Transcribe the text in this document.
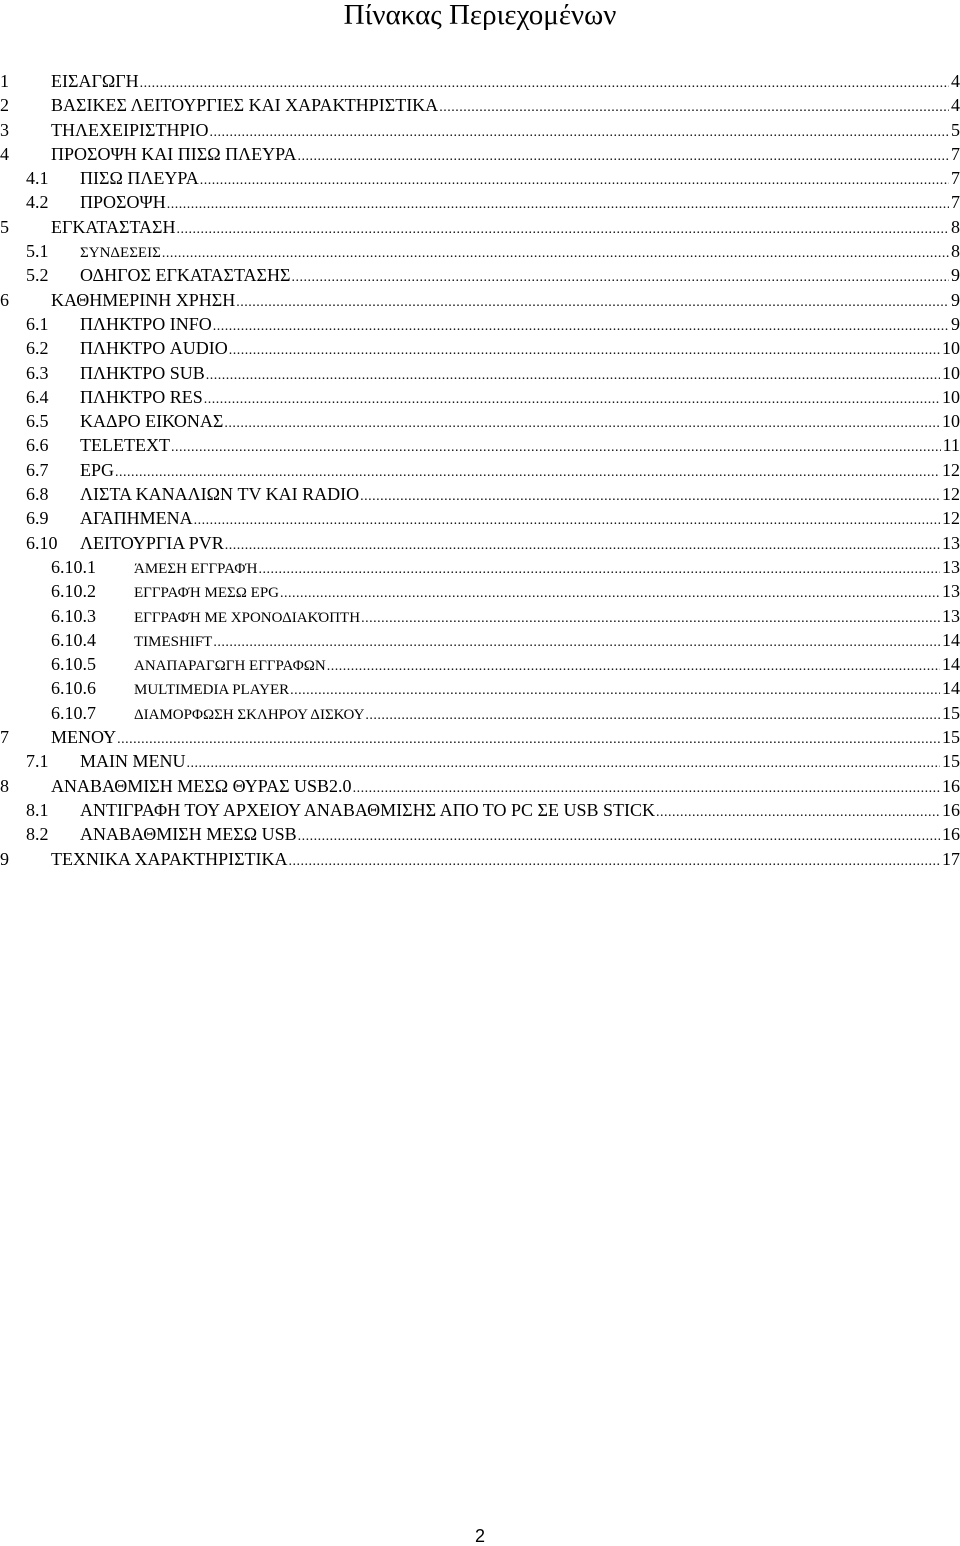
Πίνακας Περιεχομένων
1	ΕΙΣΑΓΩΓΗ .....	4
2	ΒΑΣΙΚΕΣ ΛΕΙΤΟΥΡΓΙΕΣ ΚΑΙ ΧΑΡΑΚΤΗΡΙΣΤΙΚΑ .....	4
3	ΤΗΛΕΧΕΙΡΙΣΤΗΡΙΟ .....	5
4	ΠΡΟΣΟΨΗ ΚΑΙ ΠΙΣΩ ΠΛΕΥΡΑ .....	7
4.1	ΠΙΣΩ ΠΛΕΥΡΑ .....	7
4.2	ΠΡΟΣΟΨΗ .....	7
5	ΕΓΚΑΤΑΣΤΑΣΗ .....	8
5.1	ΣΥΝΔΕΣΕΙΣ .....	8
5.2	ΟΔΗΓΟΣ ΕΓΚΑΤΑΣΤΑΣΗΣ .....	9
6	ΚΑΘΗΜΕΡΙΝΗ ΧΡΗΣΗ .....	9
6.1	ΠΛΗΚΤΡΟ INFO .....	9
6.2	ΠΛΗΚΤΡΟ AUDIO .....	10
6.3	ΠΛΗΚΤΡΟ SUB .....	10
6.4	ΠΛΗΚΤΡΟ RES .....	10
6.5	ΚΑΔΡΟ ΕΙΚΟΝΑΣ .....	10
6.6	TELETEXT .....	11
6.7	EPG .....	12
6.8	ΛΙΣΤΑ ΚΑΝΑΛΙΩΝ TV ΚΑΙ RADIO .....	12
6.9	ΑΓΑΠΗΜΕΝΑ .....	12
6.10	ΛΕΙΤΟΥΡΓΙΑ PVR .....	13
6.10.1	ΆΜΕΣΗ ΕΓΓΡΑΦΉ .....	13
6.10.2	ΕΓΓΡΑΦΉ ΜΕΣΩ EPG .....	13
6.10.3	ΕΓΓΡΑΦΉ ΜΕ ΧΡΟΝΟΔΙΑΚΌΠΤΗ .....	13
6.10.4	TIMESHIFT .....	14
6.10.5	ΑΝΑΠΑΡΑΓΩΓΗ ΕΓΓΡΑΦΩΝ .....	14
6.10.6	MULTIMEDIA PLAYER .....	14
6.10.7	ΔΙΑΜΟΡΦΩΣΗ ΣΚΛΗΡΟΥ ΔΙΣΚΟΥ .....	15
7	ΜΕΝΟΥ .....	15
7.1	MAIN MENU .....	15
8	ΑΝΑΒΑΘΜΙΣΗ ΜΕΣΩ ΘΥΡΑΣ USB2.0 .....	16
8.1	ΑΝΤΙΓΡΑΦΗ ΤΟΥ ΑΡΧΕΙΟΥ ΑΝΑΒΑΘΜΙΣΗΣ ΑΠΟ ΤΟ PC ΣΕ USB STICK .....	16
8.2	ΑΝΑΒΑΘΜΙΣΗ ΜΕΣΩ USB .....	16
9	ΤΕΧΝΙΚΑ ΧΑΡΑΚΤΗΡΙΣΤΙΚΑ .....	17
2
